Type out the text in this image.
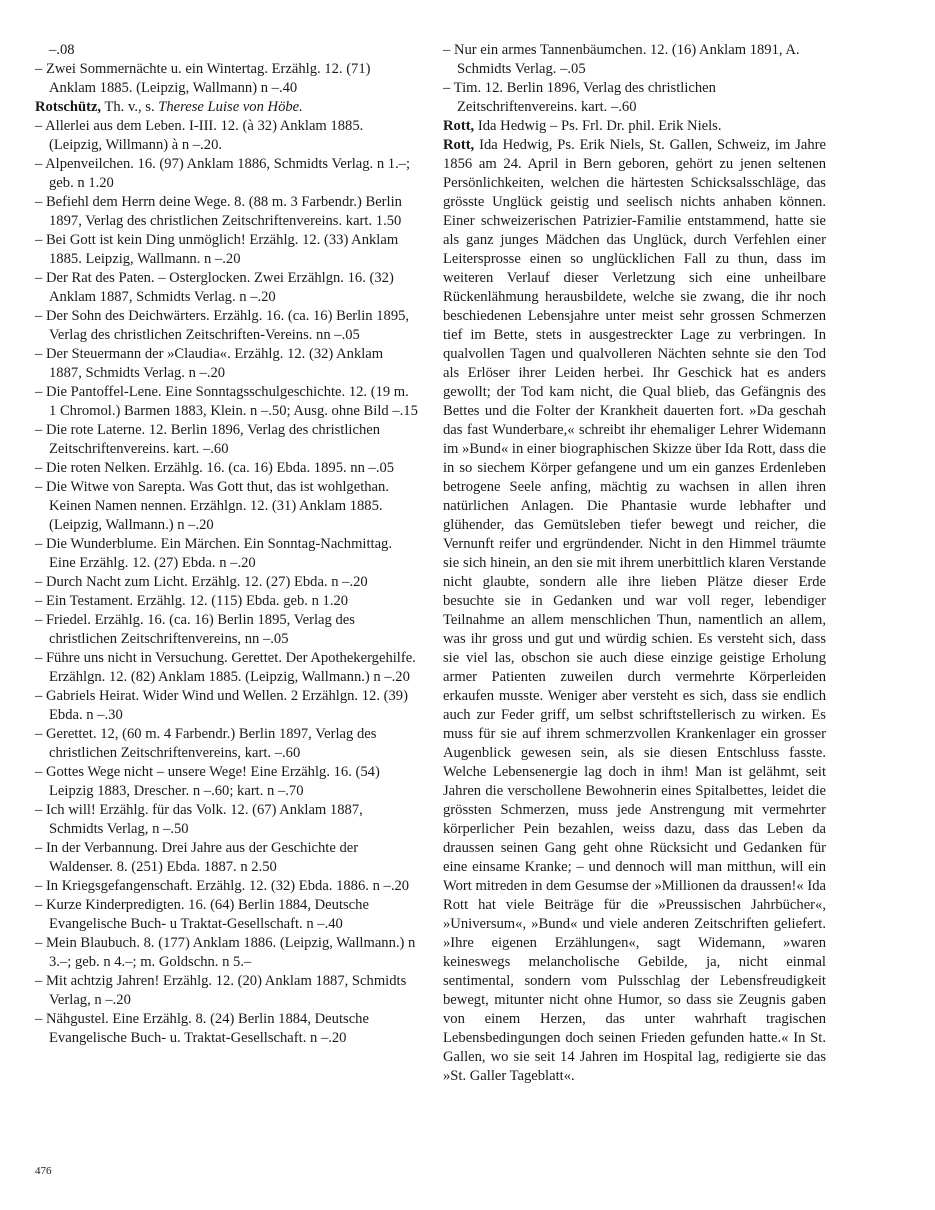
–.08

– Zwei Sommernächte u. ein Wintertag. Erzählg. 12. (71) Anklam 1885. (Leipzig, Wallmann) n –.40

Rotschütz, Th. v., s. Therese Luise von Höbe.

– Allerlei aus dem Leben. I-III. 12. (à 32) Anklam 1885. (Leipzig, Willmann) à n –.20.

– Alpenveilchen. 16. (97) Anklam 1886, Schmidts Verlag. n 1.–; geb. n 1.20

– Befiehl dem Herrn deine Wege. 8. (88 m. 3 Farbendr.) Berlin 1897, Verlag des christlichen Zeitschriftenvereins. kart. 1.50

– Bei Gott ist kein Ding unmöglich! Erzählg. 12. (33) Anklam 1885. Leipzig, Wallmann. n –.20

– Der Rat des Paten. – Osterglocken. Zwei Erzählgn. 16. (32) Anklam 1887, Schmidts Verlag. n –.20

– Der Sohn des Deichwärters. Erzählg. 16. (ca. 16) Berlin 1895, Verlag des christlichen Zeitschriften-Vereins. nn –.05

– Der Steuermann der »Claudia«. Erzählg. 12. (32) Anklam 1887, Schmidts Verlag. n –.20

– Die Pantoffel-Lene. Eine Sonntagsschulgeschichte. 12. (19 m. 1 Chromol.) Barmen 1883, Klein. n –.50; Ausg. ohne Bild –.15

– Die rote Laterne. 12. Berlin 1896, Verlag des christlichen Zeitschriftenvereins. kart. –.60

– Die roten Nelken. Erzählg. 16. (ca. 16) Ebda. 1895. nn –.05

– Die Witwe von Sarepta. Was Gott thut, das ist wohlgethan. Keinen Namen nennen. Erzählgn. 12. (31) Anklam 1885. (Leipzig, Wallmann.) n –.20

– Die Wunderblume. Ein Märchen. Ein Sonntag-Nachmittag. Eine Erzählg. 12. (27) Ebda. n –.20

– Durch Nacht zum Licht. Erzählg. 12. (27) Ebda. n –.20

– Ein Testament. Erzählg. 12. (115) Ebda. geb. n 1.20

– Friedel. Erzählg. 16. (ca. 16) Berlin 1895, Verlag des christlichen Zeitschriftenvereins, nn –.05

– Führe uns nicht in Versuchung. Gerettet. Der Apothekergehilfe. Erzählgn. 12. (82) Anklam 1885. (Leipzig, Wallmann.) n –.20

– Gabriels Heirat. Wider Wind und Wellen. 2 Erzählgn. 12. (39) Ebda. n –.30

– Gerettet. 12, (60 m. 4 Farbendr.) Berlin 1897, Verlag des christlichen Zeitschriftenvereins, kart. –.60

– Gottes Wege nicht – unsere Wege! Eine Erzählg. 16. (54) Leipzig 1883, Drescher. n –.60; kart. n –.70

– Ich will! Erzählg. für das Volk. 12. (67) Anklam 1887, Schmidts Verlag, n –.50

– In der Verbannung. Drei Jahre aus der Geschichte der Waldenser. 8. (251) Ebda. 1887. n 2.50

– In Kriegsgefangenschaft. Erzählg. 12. (32) Ebda. 1886. n –.20

– Kurze Kinderpredigten. 16. (64) Berlin 1884, Deutsche Evangelische Buch- u Traktat-Gesellschaft. n –.40

– Mein Blaubuch. 8. (177) Anklam 1886. (Leipzig, Wallmann.) n 3.–; geb. n 4.–; m. Goldschn. n 5.–

– Mit achtzig Jahren! Erzählg. 12. (20) Anklam 1887, Schmidts Verlag, n –.20

– Nähgustel. Eine Erzählg. 8. (24) Berlin 1884, Deutsche Evangelische Buch- u. Traktat-Gesellschaft. n –.20

– Nur ein armes Tannenbäumchen. 12. (16) Anklam 1891, A. Schmidts Verlag. –.05

– Tim. 12. Berlin 1896, Verlag des christlichen Zeitschriftenvereins. kart. –.60

Rott, Ida Hedwig – Ps. Frl. Dr. phil. Erik Niels.

Rott, Ida Hedwig, Ps. Erik Niels, St. Gallen, Schweiz, im Jahre 1856 am 24. April in Bern geboren, gehört zu jenen seltenen Persönlichkeiten, welchen die härtesten Schicksalsschläge, das grösste Unglück geistig und seelisch nichts anhaben können. Einer schweizerischen Patrizier-Familie entstammend, hatte sie als ganz junges Mädchen das Unglück, durch Verfehlen einer Leitersprosse einen so unglücklichen Fall zu thun, dass im weiteren Verlauf dieser Verletzung sich eine unheilbare Rückenlähmung herausbildete, welche sie zwang, die ihr noch beschiedenen Lebensjahre unter meist sehr grossen Schmerzen tief im Bette, stets in ausgestreckter Lage zu verbringen. In qualvollen Tagen und qualvolleren Nächten sehnte sie den Tod als Erlöser ihrer Leiden herbei. Ihr Geschick hat es anders gewollt; der Tod kam nicht, die Qual blieb, das Gefängnis des Bettes und die Folter der Krankheit dauerten fort. »Da geschah das fast Wunderbare,« schreibt ihr ehemaliger Lehrer Widemann im »Bund« in einer biographischen Skizze über Ida Rott, dass die in so siechem Körper gefangene und um ein ganzes Erdenleben betrogene Seele anfing, mächtig zu wachsen in allen ihren natürlichen Anlagen. Die Phantasie wurde lebhafter und glühender, das Gemütsleben tiefer bewegt und reicher, die Vernunft reifer und ergründender. Nicht in den Himmel träumte sie sich hinein, an den sie mit ihrem unerbittlich klaren Verstande nicht glaubte, sondern alle ihre lieben Plätze dieser Erde besuchte sie in Gedanken und war voll reger, lebendiger Teilnahme an allem menschlichen Thun, namentlich an allem, was ihr gross und gut und würdig schien. Es versteht sich, dass sie viel las, obschon sie auch diese einzige geistige Erholung armer Patienten zuweilen durch vermehrte Körperleiden erkaufen musste. Weniger aber versteht es sich, dass sie endlich auch zur Feder griff, um selbst schriftstellerisch zu wirken. Es muss für sie auf ihrem schmerzvollen Krankenlager ein grosser Augenblick gewesen sein, als sie diesen Entschluss fasste. Welche Lebensenergie lag doch in ihm! Man ist gelähmt, seit Jahren die verschollene Bewohnerin eines Spitalbettes, leidet die grössten Schmerzen, muss jede Anstrengung mit vermehrter körperlicher Pein bezahlen, weiss dazu, dass das Leben da draussen seinen Gang geht ohne Rücksicht und Gedanken für eine einsame Kranke; – und dennoch will man mitthun, will ein Wort mitreden in dem Gesumse der »Millionen da draussen!« Ida Rott hat viele Beiträge für die »Preussischen Jahrbücher«, »Universum«, »Bund« und viele anderen Zeitschriften geliefert. »Ihre eigenen Erzählungen«, sagt Widemann, »waren keineswegs melancholische Gebilde, ja, nicht einmal sentimental, sondern vom Pulsschlag der Lebensfreudigkeit bewegt, mitunter nicht ohne Humor, so dass sie Zeugnis gaben von einem Herzen, das unter wahrhaft tragischen Lebensbedingungen doch seinen Frieden gefunden hatte.« In St. Gallen, wo sie seit 14 Jahren im Hospital lag, redigierte sie das »St. Galler Tageblatt«.

476
